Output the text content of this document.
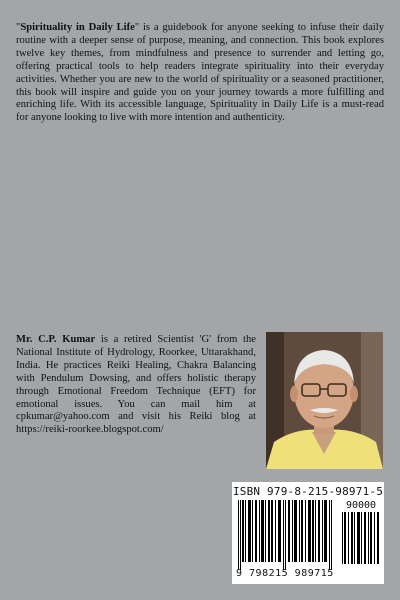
"Spirituality in Daily Life" is a guidebook for anyone seeking to infuse their daily routine with a deeper sense of purpose, meaning, and connection. This book explores twelve key themes, from mindfulness and presence to surrender and letting go, offering practical tools to help readers integrate spirituality into their everyday activities. Whether you are new to the world of spirituality or a seasoned practitioner, this book will inspire and guide you on your journey towards a more fulfilling and enriching life. With its accessible language, Spirituality in Daily Life is a must-read for anyone looking to live with more intention and authenticity.

Mr. C.P. Kumar is a retired Scientist 'G' from the National Institute of Hydrology, Roorkee, Uttarakhand, India. He practices Reiki Healing, Chakra Balancing with Pendulum Dowsing, and offers holistic therapy through Emotional Freedom Technique (EFT) for emotional issues. You can mail him at cpkumar@yahoo.com and visit his Reiki blog at https://reiki-roorkee.blogspot.com/

ISBN 979-8-215-98971-5
90000
9 798215 989715
